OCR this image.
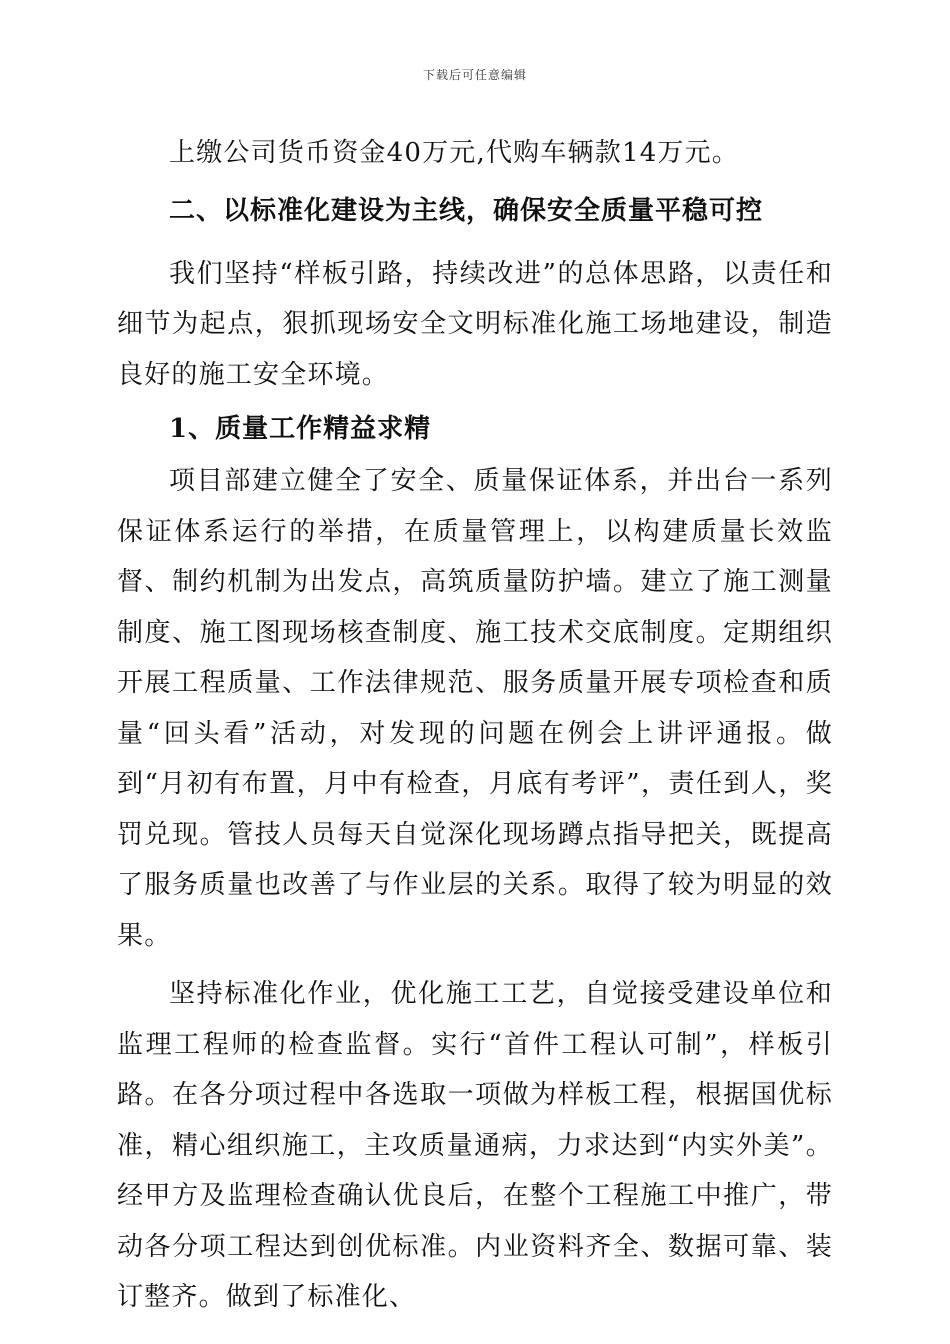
下载后可任意编辑

上缴公司货币资金40万元,代购车辆款14万元。

二、以标准化建设为主线，确保安全质量平稳可控

我们坚持“样板引路，持续改进”的总体思路，以责任和细节为起点，狠抓现场安全文明标准化施工场地建设，制造良好的施工安全环境。

1、质量工作精益求精

项目部建立健全了安全、质量保证体系，并出台一系列保证体系运行的举措，在质量管理上，以构建质量长效监督、制约机制为出发点，高筑质量防护墙。建立了施工测量制度、施工图现场核查制度、施工技术交底制度。定期组织开展工程质量、工作法律规范、服务质量开展专项检查和质量“回头看”活动，对发现的问题在例会上讲评通报。做到“月初有布置，月中有检查，月底有考评”，责任到人，奖罚兑现。管技人员每天自觉深化现场蹲点指导把关，既提高了服务质量也改善了与作业层的关系。取得了较为明显的效果。

坚持标准化作业，优化施工工艺，自觉接受建设单位和监理工程师的检查监督。实行“首件工程认可制”，样板引路。在各分项过程中各选取一项做为样板工程，根据国优标准，精心组织施工，主攻质量通病，力求达到“内实外美”。经甲方及监理检查确认优良后，在整个工程施工中推广，带动各分项工程达到创优标准。内业资料齐全、数据可靠、装订整齐。做到了标准化、
